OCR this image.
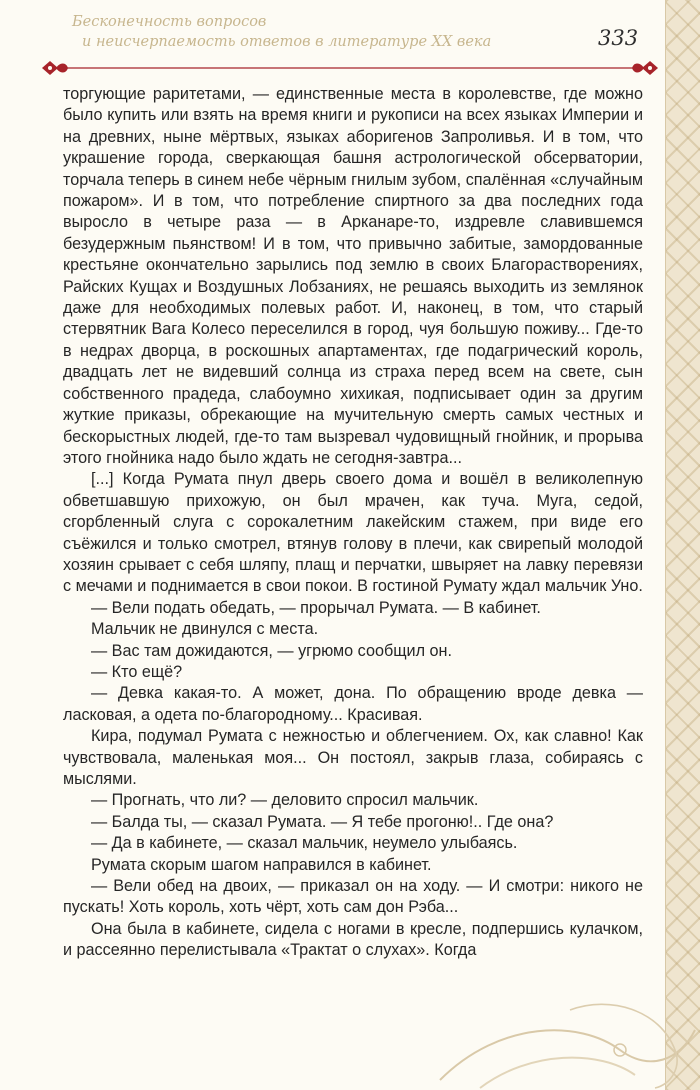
Бесконечность вопросов
и неисчерпаемость ответов в литературе XX века	333

торгующие раритетами, — единственные места в королевстве, где можно было купить или взять на время книги и рукописи на всех языках Империи и на древних, ныне мёртвых, языках аборигенов Запроливья. И в том, что украшение города, сверкающая башня астрологической обсерватории, торчала теперь в синем небе чёрным гнилым зубом, спалённая «случайным пожаром». И в том, что потребление спиртного за два последних года выросло в четыре раза — в Арканаре-то, издревле славившемся безудержным пьянством! И в том, что привычно забитые, замордованные крестьяне окончательно зарылись под землю в своих Благорастворениях, Райских Кущах и Воздушных Лобзаниях, не решаясь выходить из землянок даже для необходимых полевых работ. И, наконец, в том, что старый стервятник Вага Колесо переселился в город, чуя большую поживу... Где-то в недрах дворца, в роскошных апартаментах, где подагрический король, двадцать лет не видевший солнца из страха перед всем на свете, сын собственного прадеда, слабоумно хихикая, подписывает один за другим жуткие приказы, обрекающие на мучительную смерть самых честных и бескорыстных людей, где-то там вызревал чудовищный гнойник, и прорыва этого гнойника надо было ждать не сегодня-завтра...

[...] Когда Румата пнул дверь своего дома и вошёл в великолепную обветшавшую прихожую, он был мрачен, как туча. Муга, седой, сгорбленный слуга с сорокалетним лакейским стажем, при виде его съёжился и только смотрел, втянув голову в плечи, как свирепый молодой хозяин срывает с себя шляпу, плащ и перчатки, швыряет на лавку перевязи с мечами и поднимается в свои покои. В гостиной Румату ждал мальчик Уно.

— Вели подать обедать, — прорычал Румата. — В кабинет.

Мальчик не двинулся с места.

— Вас там дожидаются, — угрюмо сообщил он.

— Кто ещё?

— Девка какая-то. А может, дона. По обращению вроде девка — ласковая, а одета по-благородному... Красивая.

Кира, подумал Румата с нежностью и облегчением. Ох, как славно! Как чувствовала, маленькая моя... Он постоял, закрыв глаза, собираясь с мыслями.

— Прогнать, что ли? — деловито спросил мальчик.

— Балда ты, — сказал Румата. — Я тебе прогоню!.. Где она?

— Да в кабинете, — сказал мальчик, неумело улыбаясь.

Румата скорым шагом направился в кабинет.

— Вели обед на двоих, — приказал он на ходу. — И смотри: никого не пускать! Хоть король, хоть чёрт, хоть сам дон Рэба...

Она была в кабинете, сидела с ногами в кресле, подпершись кулачком, и рассеянно перелистывала «Трактат о слухах». Когда
